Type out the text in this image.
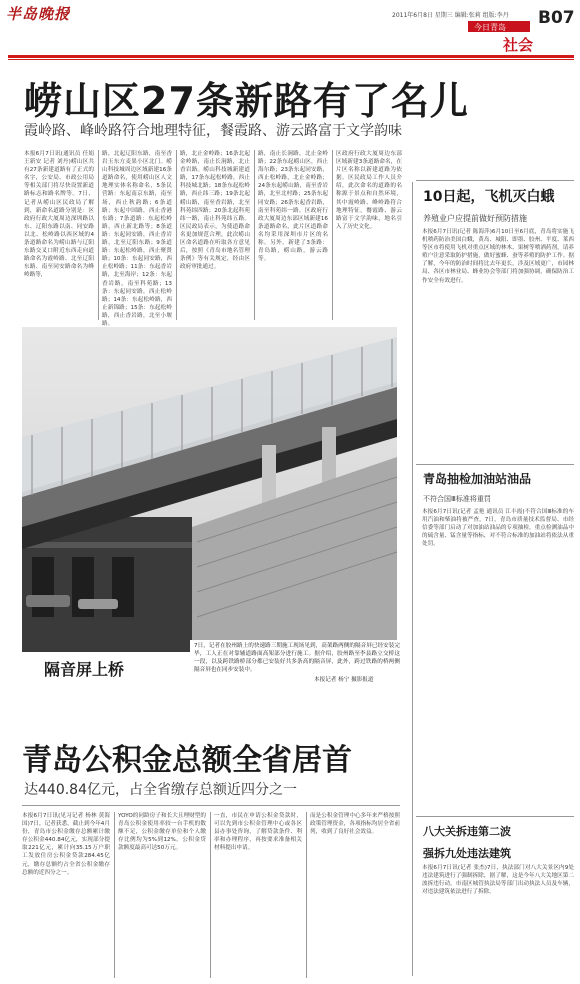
半岛晚报	2011年6月8日 星期三 编辑:张莉 组版:李丹 B07
今日青岛
社会
崂山区27条新路有了名儿
霞岭路、峰岭路符合地理特征，餐霞路、游云路富于文学韵味
本报6月7日讯(通讯员 任娟 王新安 记者 刘丹)崂山区共有27条新建道路有了正式的名字，公安局、市政公用局等相关部门将尽快设置新道路标志和路名牌等。7日，记者从崂山区民政局了解到，新命名道路分别是：区政府行政大厦周边深圳路以东、辽阳东路以南、同安路以北、松岭路以西区域的4条道路命名为崂山路与辽阳东路交叉口附近东西走向道路命名为霞岭路、北至辽阳东路、南至同安路命名为峰岭路等，
路，北起辽阳东路，南至香岩玉东方麦果小区北门。崂山科技城周边区域新建16条道路命名，使用崂山区人文地理实体名称命名，5条民营路：东起南京东路，南至场，西止秋韵路；6条道路；东起中国路，西止香港东路；7条道路：东起松岭路，西止新北路等；8条道路：东起同安路，西止香岩路，北至辽阳东路；9条道路：东起松岭路，西止聚贤路；10条：东起同安路，西止松岭路；11条：东起香岩路，北至海岸；12条：东起香岩路，南至科苑路；13条：东起同安路，西止松岭路；14条：东起松岭路，西止新锦路；15条：东起松岭路，西止香岩路，北至小堰路。
路，北止金岭路；16条北起金岭路，南止长涧路，北止香岩路。崂山科技城新建道路，17条东起松岭路，西止科技城北路；18条东起松岭路，西止纬三路；19条北起崂山路，南至香岩路，北至科苑纬四路；20条北起科苑纬一路，南止科苑纬五路。区民政局表示，为使道路命名更加规范合理，此次崂山区命名道路在听取各方意见后，按照《青岛市地名管理条例》等有关规定，经由区政府审批通过。
路，南止长涧路，北止金岭路；22条东起崂山区，西止海尔路；23条东起同安路，西止松岭路，北止金岭路；24条东起崂山路，南至香岩路，北至北村路；25条东起同安路；26条东起香岩路，南至科苑纬一路。区政府行政大厦周边东部区域新建16条道路命名，此片区道路命名均采用深圳市片区的名称。另外，新建了3条路：青岛路，崂山路，游云路等。
区政府行政大厦周边东部区域新建3条道路命名，在片区名称以新建道路为依据。区民政局工作人员介绍，此次命名的道路的名称源于景点和自然环境，其中霞岭路、峰岭路符合地理特征，餐霞路、游云路富于文学韵味，地名引入了历史文化。
隔音屏上桥
7日，记者在胶州路上的快速路三期施工现场见到，高架路两侧的隔音屏已经安装完毕，工人正在对靠辅道路面高架部分进行施工。据介绍，胶州路至李县路立交桥这一段，以及跨铁路桥部分都已安装好共多条高的隔音屏，此外，跨过铁路的桥两侧隔音屏也在同步安装中。
本报记者 杨宁 摄影报道
青岛公积金总额全省居首
达440.84亿元，占全省缴存总额近四分之一
本报6月7日讯(见习记者 杨林 黄海国)7日，记者获悉，截止到今年4月份，青岛市公积金缴存总额累计缴存公积金440.84亿元，实现部分提取221亿元，累计向35.15万户职工发放住房公积金贷款284.45亿元，缴存总额约占全省公积金缴存总额的近四分之一。
YOYO的同龄房子和长大且理财型的青岛公积金使用率较一台手机的数额不足，公积金缴存单位和个人缴存比例均为5%到12%。公积金贷款额度最高可达50万元。
一直，市民在申请公积金贷款时，可以先到市公积金管理中心或各区县办事处咨询，了解贷款条件、利率和办理程序，再按要求准备相关材料提出申请。
而是公积金管理中心多年来严格按照政策管理资金，各项指标均居全省前列，收到了良好社会效益。
10日起，飞机灭白蛾
养殖业户应提前做好预防措施
本报6月7日讯(记者 陈海萍)6月10日至6月底，青岛将实施飞机喷药防治美国白蛾，黄岛、城阳、即墨、胶州、平度、莱西等区市将使用飞机对重点区域的林木、果树等喷洒药剂，请养殖户注意采取防护措施，做好蜜蜂、蚕等养殖的防护工作。据了解，今年的防治时间将比去年更长，涉及区域更广，市园林局、各区市林业局、蜂业协会等部门将加强协调，确保防治工作安全有效进行。
青岛抽检加油站油品
不符合国Ⅲ标准将重罚
本报6月7日讯(记者 孟艳 通讯员 江丰霞)不符合国Ⅲ标准的车用汽油和柴油将被严查，7日，青岛市质量技术监督局、市经信委等部门启动了对加油站油品的专项抽检，重点检测油品中的硫含量、锰含量等指标，对不符合标准的加油站将依法从重处罚。
八大关拆违第二波
强拆九处违法建筑
本报6月7日讯(记者 张杰)7日，执法部门对八大关景区内9处违法建筑进行了强制拆除，据了解，这是今年八大关地区第二波拆违行动，市南区城管执法局等部门出动执法人员及车辆，对违法建筑依法进行了拆除。
